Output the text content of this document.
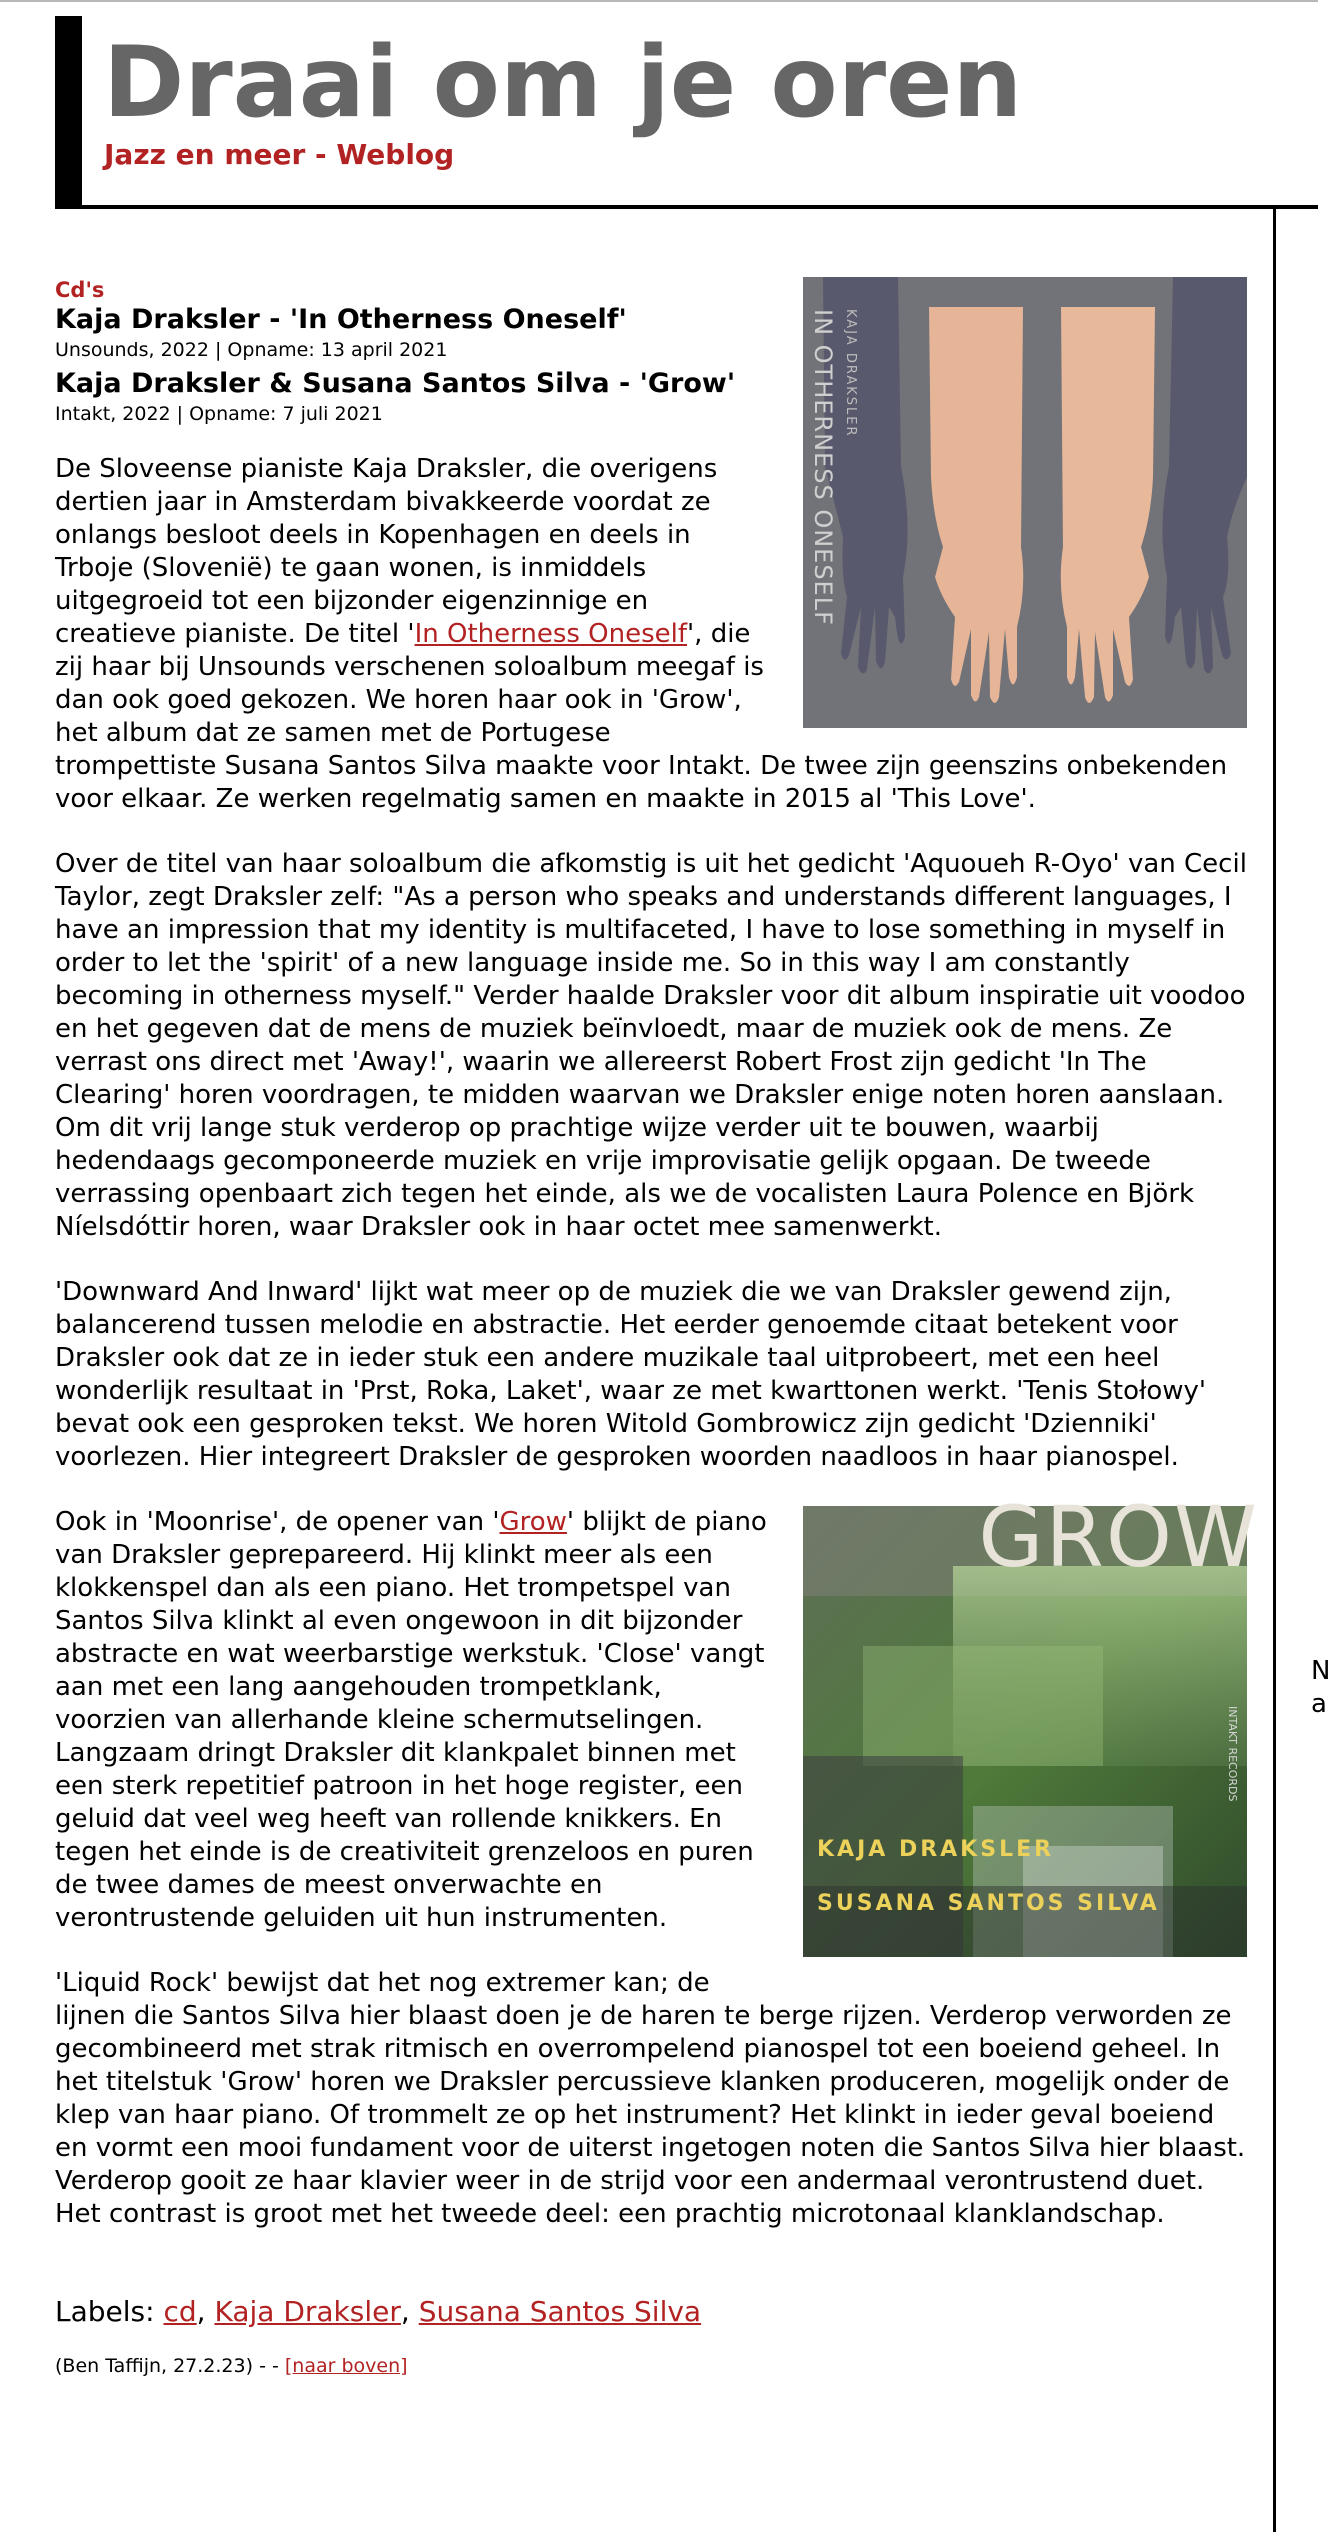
Draai om je oren
Jazz en meer - Weblog
N a
IN OTHERNESS ONESELF KAJA DRAKSLER
Cd's
Kaja Draksler - 'In Otherness Oneself'
Unsounds, 2022 | Opname: 13 april 2021
Kaja Draksler & Susana Santos Silva - 'Grow'
Intakt, 2022 | Opname: 7 juli 2021

De Sloveense pianiste Kaja Draksler, die overigens dertien jaar in Amsterdam bivakkeerde voordat ze onlangs besloot deels in Kopenhagen en deels in Trboje (Slovenië) te gaan wonen, is inmiddels uitgegroeid tot een bijzonder eigenzinnige en creatieve pianiste. De titel 'In Otherness Oneself', die zij haar bij Unsounds verschenen soloalbum meegaf is dan ook goed gekozen. We horen haar ook in 'Grow', het album dat ze samen met de Portugese trompettiste Susana Santos Silva maakte voor Intakt. De twee zijn geenszins onbekenden voor elkaar. Ze werken regelmatig samen en maakte in 2015 al 'This Love'.

Over de titel van haar soloalbum die afkomstig is uit het gedicht 'Aquoueh R-Oyo' van Cecil Taylor, zegt Draksler zelf: "As a person who speaks and understands different languages, I have an impression that my identity is multifaceted, I have to lose something in myself in order to let the 'spirit' of a new language inside me. So in this way I am constantly becoming in otherness myself." Verder haalde Draksler voor dit album inspiratie uit voodoo en het gegeven dat de mens de muziek beïnvloedt, maar de muziek ook de mens. Ze verrast ons direct met 'Away!', waarin we allereerst Robert Frost zijn gedicht 'In The Clearing' horen voordragen, te midden waarvan we Draksler enige noten horen aanslaan. Om dit vrij lange stuk verderop op prachtige wijze verder uit te bouwen, waarbij hedendaags gecomponeerde muziek en vrije improvisatie gelijk opgaan. De tweede verrassing openbaart zich tegen het einde, als we de vocalisten Laura Polence en Björk Níelsdóttir horen, waar Draksler ook in haar octet mee samenwerkt.

'Downward And Inward' lijkt wat meer op de muziek die we van Draksler gewend zijn, balancerend tussen melodie en abstractie. Het eerder genoemde citaat betekent voor Draksler ook dat ze in ieder stuk een andere muzikale taal uitprobeert, met een heel wonderlijk resultaat in 'Prst, Roka, Laket', waar ze met kwarttonen werkt. 'Tenis Stołowy' bevat ook een gesproken tekst. We horen Witold Gombrowicz zijn gedicht 'Dzienniki' voorlezen. Hier integreert Draksler de gesproken woorden naadloos in haar pianospel.

GROW
KAJA DRAKSLER
SUSANA SANTOS SILVA
INTAKT RECORDS

Ook in 'Moonrise', de opener van 'Grow' blijkt de piano van Draksler geprepareerd. Hij klinkt meer als een klokkenspel dan als een piano. Het trompetspel van Santos Silva klinkt al even ongewoon in dit bijzonder abstracte en wat weerbarstige werkstuk. 'Close' vangt aan met een lang aangehouden trompetklank, voorzien van allerhande kleine schermutselingen. Langzaam dringt Draksler dit klankpalet binnen met een sterk repetitief patroon in het hoge register, een geluid dat veel weg heeft van rollende knikkers. En tegen het einde is de creativiteit grenzeloos en puren de twee dames de meest onverwachte en verontrustende geluiden uit hun instrumenten.

'Liquid Rock' bewijst dat het nog extremer kan; de lijnen die Santos Silva hier blaast doen je de haren te berge rijzen. Verderop verworden ze gecombineerd met strak ritmisch en overrompelend pianospel tot een boeiend geheel. In het titelstuk 'Grow' horen we Draksler percussieve klanken produceren, mogelijk onder de klep van haar piano. Of trommelt ze op het instrument? Het klinkt in ieder geval boeiend en vormt een mooi fundament voor de uiterst ingetogen noten die Santos Silva hier blaast. Verderop gooit ze haar klavier weer in de strijd voor een andermaal verontrustend duet. Het contrast is groot met het tweede deel: een prachtig microtonaal klanklandschap.

Labels: cd, Kaja Draksler, Susana Santos Silva
(Ben Taffijn, 27.2.23) - - [naar boven]
